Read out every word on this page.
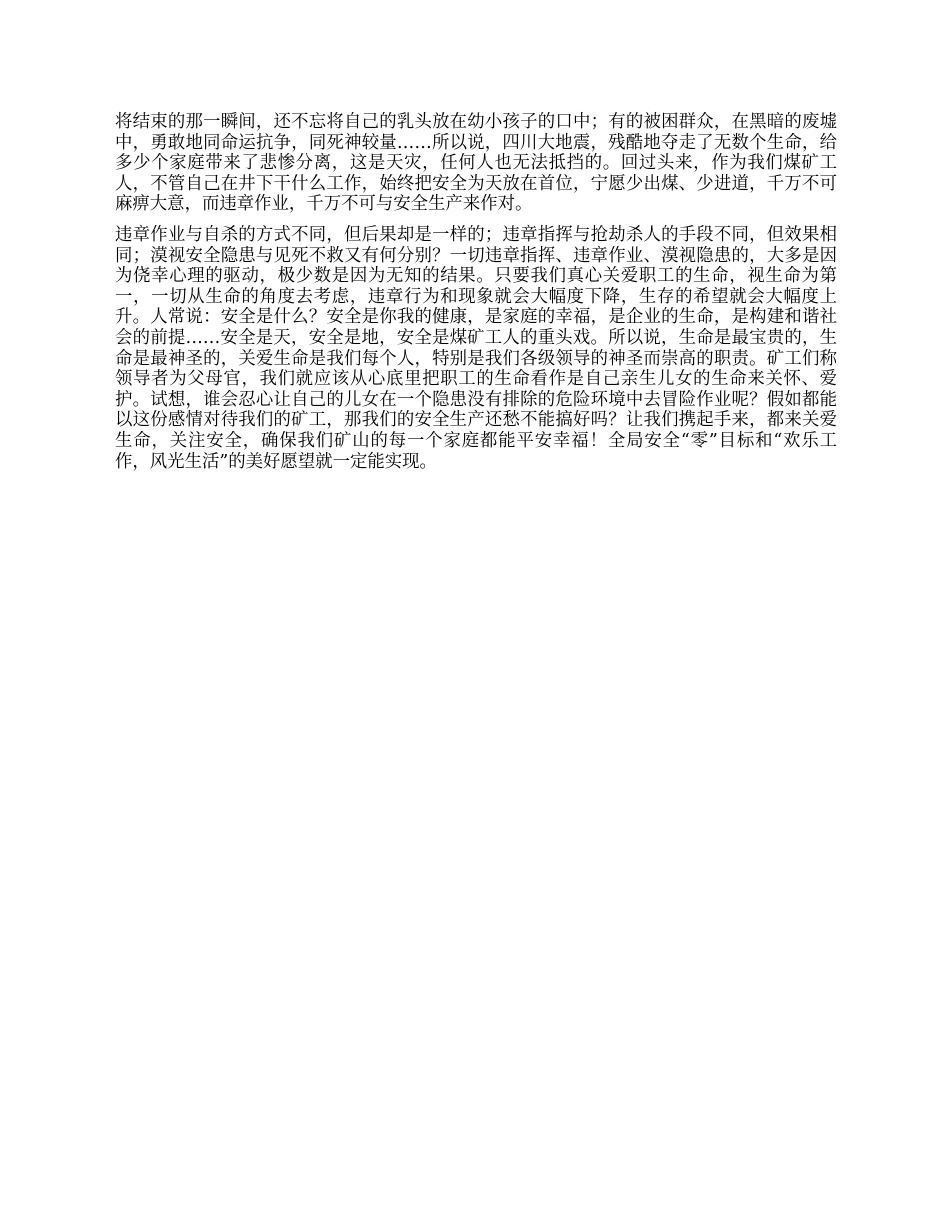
将结束的那一瞬间，还不忘将自己的乳头放在幼小孩子的口中；有的被困群众，在黑暗的废墟中，勇敢地同命运抗争，同死神较量……所以说，四川大地震，残酷地夺走了无数个生命，给多少个家庭带来了悲惨分离，这是天灾，任何人也无法抵挡的。回过头来，作为我们煤矿工人，不管自己在井下干什么工作，始终把安全为天放在首位，宁愿少出煤、少进道，千万不可麻痹大意，而违章作业，千万不可与安全生产来作对。

违章作业与自杀的方式不同，但后果却是一样的；违章指挥与抢劫杀人的手段不同，但效果相同；漠视安全隐患与见死不救又有何分别？一切违章指挥、违章作业、漠视隐患的，大多是因为侥幸心理的驱动，极少数是因为无知的结果。只要我们真心关爱职工的生命，视生命为第一，一切从生命的角度去考虑，违章行为和现象就会大幅度下降，生存的希望就会大幅度上升。人常说：安全是什么？安全是你我的健康，是家庭的幸福，是企业的生命，是构建和谐社会的前提……安全是天，安全是地，安全是煤矿工人的重头戏。所以说，生命是最宝贵的，生命是最神圣的，关爱生命是我们每个人，特别是我们各级领导的神圣而崇高的职责。矿工们称领导者为父母官，我们就应该从心底里把职工的生命看作是自己亲生儿女的生命来关怀、爱护。试想，谁会忍心让自己的儿女在一个隐患没有排除的危险环境中去冒险作业呢？假如都能以这份感情对待我们的矿工，那我们的安全生产还愁不能搞好吗？让我们携起手来，都来关爱生命，关注安全，确保我们矿山的每一个家庭都能平安幸福！全局安全“零”目标和“欢乐工作，风光生活”的美好愿望就一定能实现。
